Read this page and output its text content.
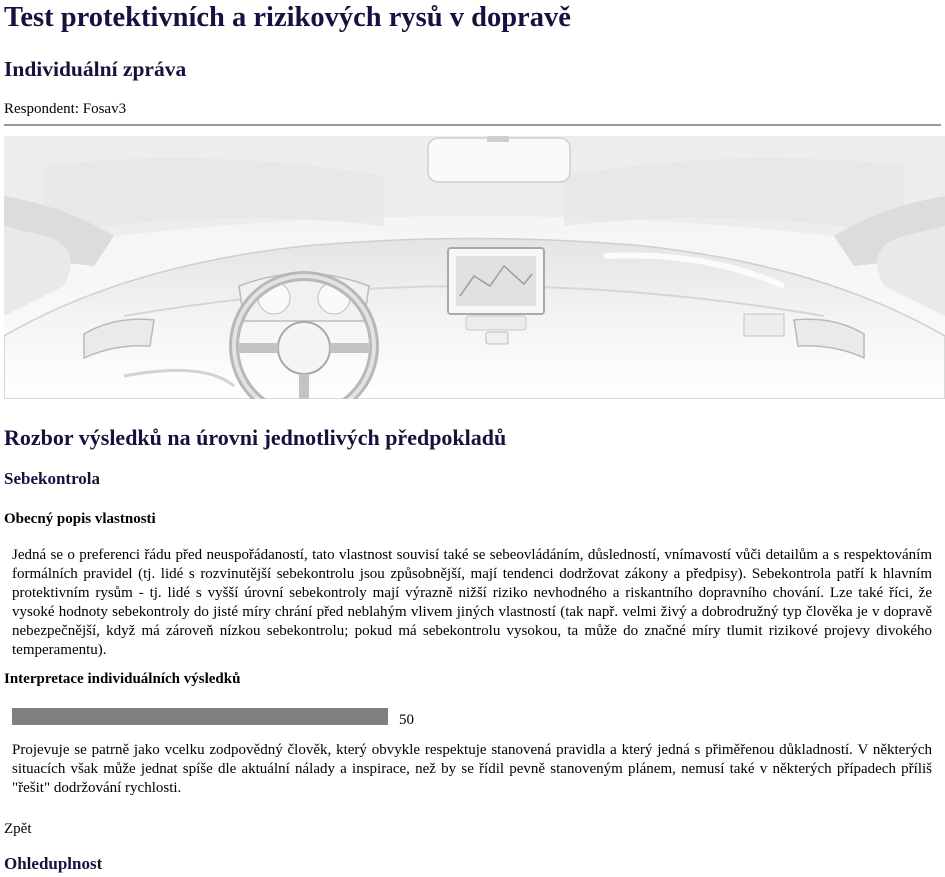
Test protektivních a rizikových rysů v dopravě
Individuální zpráva
Respondent: Fosav3
Rozbor výsledků na úrovni jednotlivých předpokladů
Sebekontrola
Obecný popis vlastnosti

Jedná se o preferenci řádu před neuspořádaností, tato vlastnost souvisí také se sebeovládáním, důsledností, vnímavostí vůči detailům a s respektováním formálních pravidel (tj. lidé s rozvinutější sebekontrolu jsou způsobnější, mají tendenci dodržovat zákony a předpisy). Sebekontrola patří k hlavním protektivním rysům - tj. lidé s vyšší úrovní sebekontroly mají výrazně nižší riziko nevhodného a riskantního dopravního chování. Lze také říci, že vysoké hodnoty sebekontroly do jisté míry chrání před neblahým vlivem jiných vlastností (tak např. velmi živý a dobrodružný typ člověka je v dopravě nebezpečnější, když má zároveň nízkou sebekontrolu; pokud má sebekontrolu vysokou, ta může do značné míry tlumit rizikové projevy divokého temperamentu).

Interpretace individuálních výsledků
50

Projevuje se patrně jako vcelku zodpovědný člověk, který obvykle respektuje stanovená pravidla a který jedná s přiměřenou důkladností. V některých situacích však může jednat spíše dle aktuální nálady a inspirace, než by se řídil pevně stanoveným plánem, nemusí také v některých případech příliš "řešit" dodržování rychlosti.

Zpět
Ohleduplnost
